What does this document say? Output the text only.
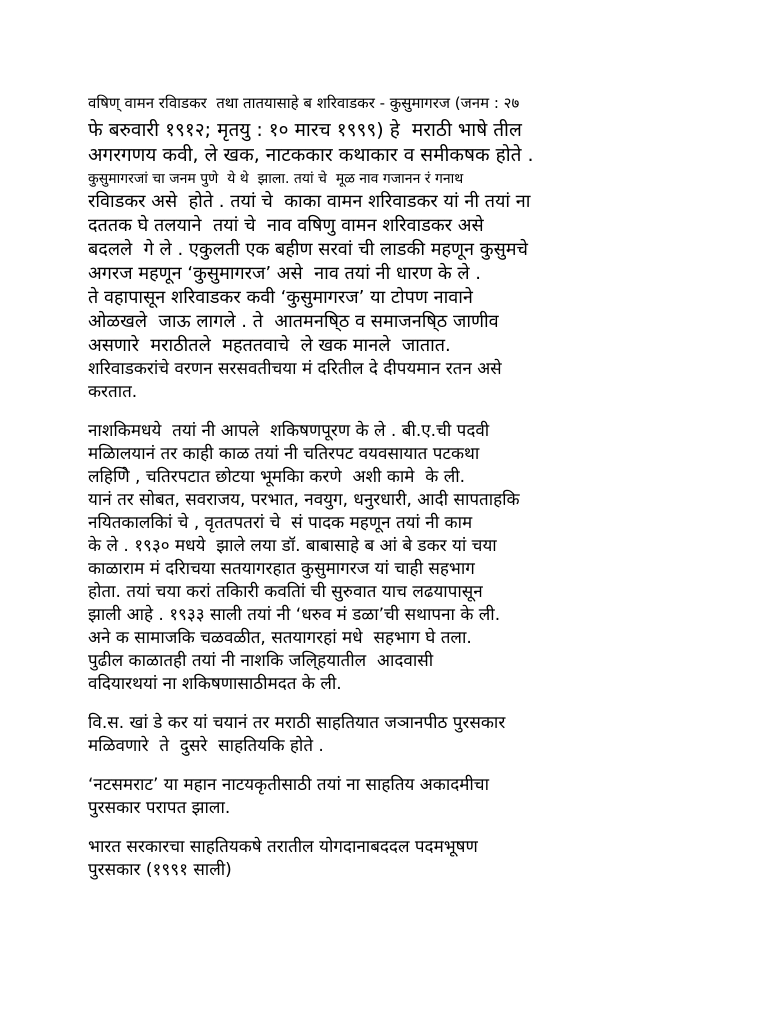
वषिण् वामन रविाडकर  तथा तातयासाहे ब शरिवाडकर - कुसुमागरज (जनम : २७

फे बरुवारी १९१२; मृतयु : १० मारच १९९९) हे  मराठी भाषे तील

अगरगणय कवी, ले खक, नाटककार कथाकार व समीकषक होते .

कुसुमागरजां चा जनम पुणे  ये थे  झाला. तयां चे  मूळ नाव गजानन रं गनाथ

रविाडकर असे  होते . तयां चे  काका वामन शरिवाडकर यां नी तयां ना

दततक घे तलयाने  तयां चे  नाव वषिणु वामन शरिवाडकर असे

बदलले  गे ले . एकुलती एक बहीण सरवां ची लाडकी महणून कुसुमचे

अगरज महणून ‘कुसुमागरज’ असे  नाव तयां नी धारण के ले .

ते वहापासून शरिवाडकर कवी ‘कुसुमागरज’ या टोपण नावाने

ओळखले  जाऊ लागले . ते  आतमनषि्ठ व समाजनषि्ठ जाणीव

असणारे  मराठीतले  महततवाचे  ले खक मानले  जातात.

शरिवाडकरांचे वरणन सरसवतीचया मं दरितील दे दीपयमान रतन असे

करतात.

नाशकिमधये  तयां नी आपले  शकिषणपूरण के ले . बी.ए.ची पदवी

मळिालयानं तर काही काळ तयां नी चतिरपट वयवसायात पटकथा

लहिणिे , चतिरपटात छोटया भूमकिा करणे  अशी कामे  के ली.

यानं तर सोबत, सवराजय, परभात, नवयुग, धनुरधारी, आदी सापताहकि

नयितकालकिां चे , वृततपतरां चे  सं पादक महणून तयां नी काम

के ले . १९३० मधये  झाले लया डॉ. बाबासाहे ब आं बे डकर यां चया

काळाराम मं दरिाचया सतयागरहात कुसुमागरज यां चाही सहभाग

होता. तयां चया करां तकिारी कवतिां ची सुरुवात याच लढयापासून

झाली आहे . १९३३ साली तयां नी ‘धरुव मं डळा’ची सथापना के ली.

अने क सामाजकि चळवळीत, सतयागरहां मधे  सहभाग घे तला.

पुढील काळातही तयां नी नाशकि जलि्हयातील  आदवासी

वदियारथयां ना शकिषणासाठीमदत के ली.

वि.स. खां डे कर यां चयानं तर मराठी साहतियात जञानपीठ पुरसकार

मळिवणारे  ते  दुसरे  साहतियकि होते .

‘नटसमराट’ या महान नाटयकृतीसाठी तयां ना साहतिय अकादमीचा

पुरसकार परापत झाला.

भारत सरकारचा साहतियकषे तरातील योगदानाबददल पदमभूषण

पुरसकार (१९९१ साली)
